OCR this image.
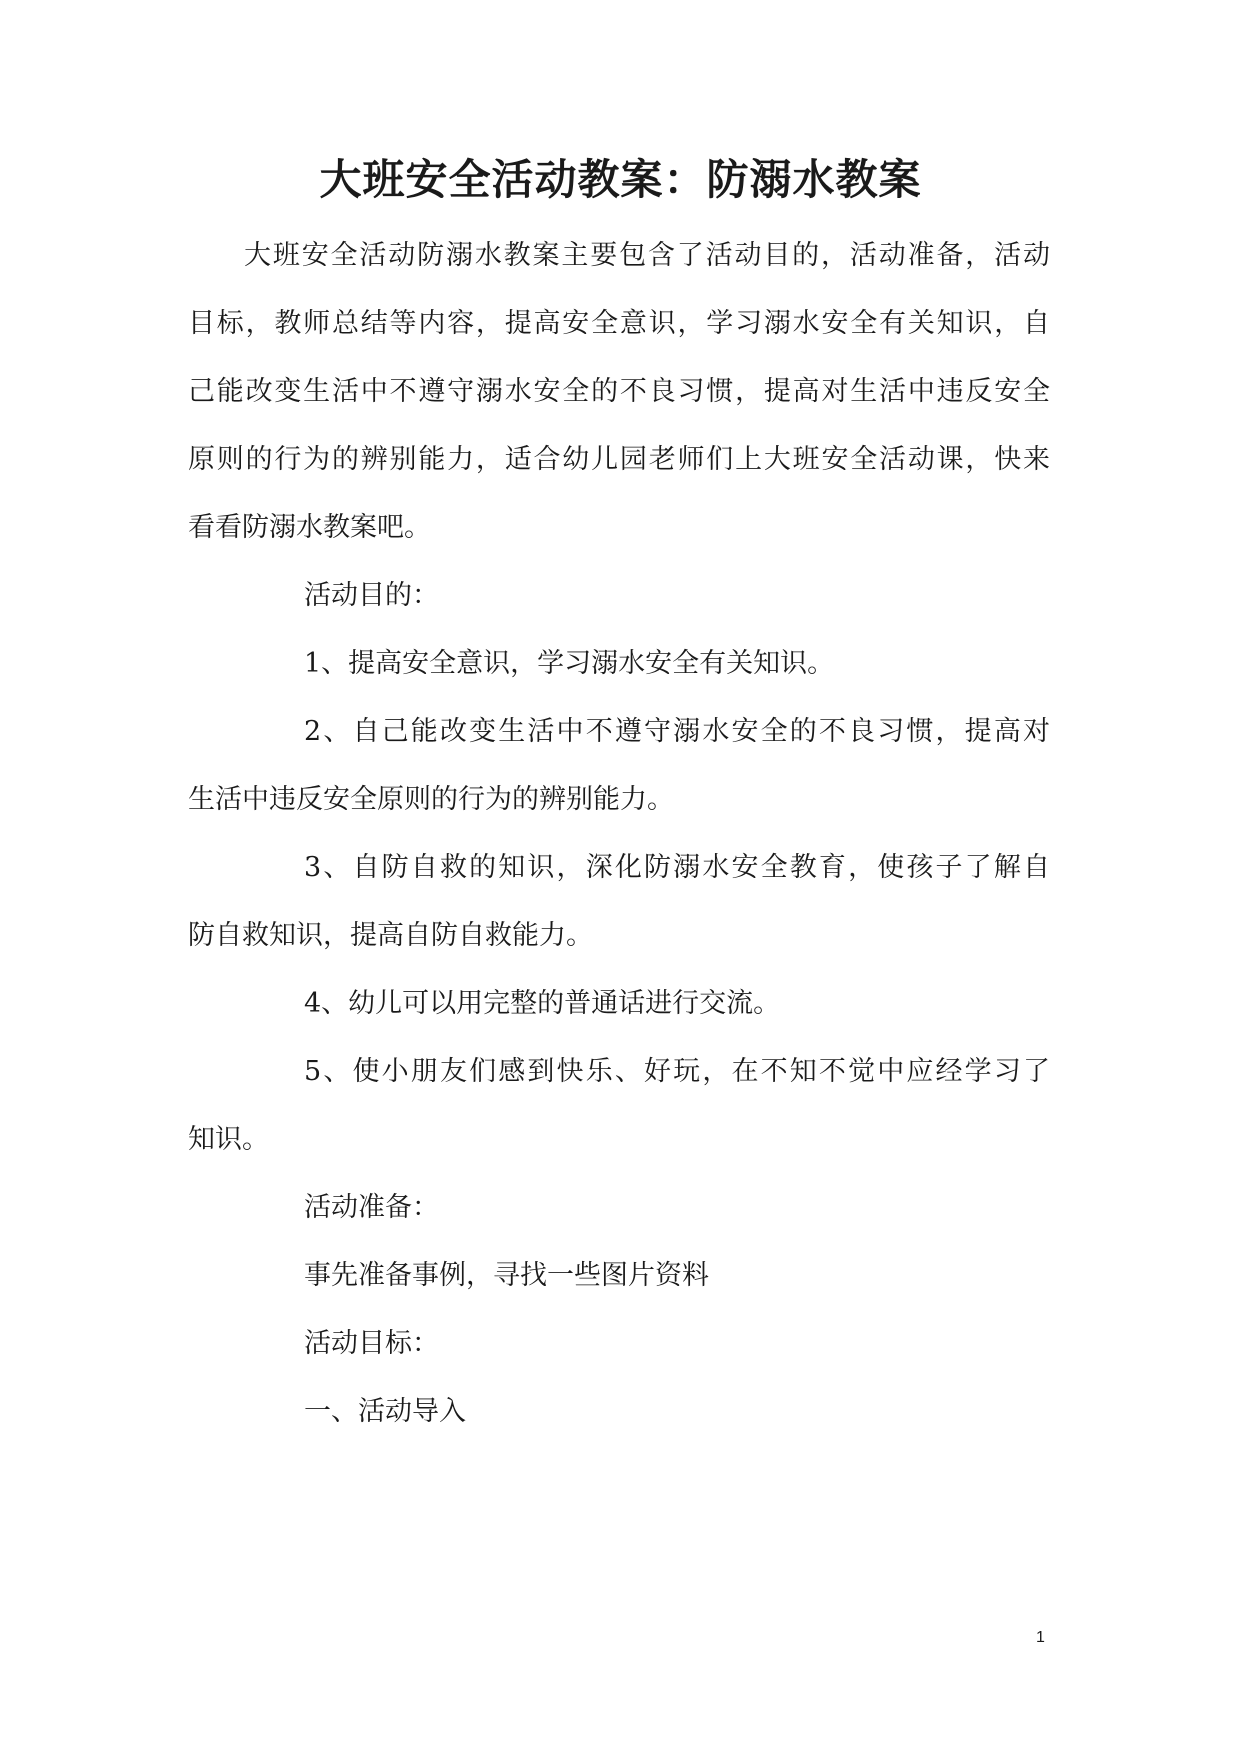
大班安全活动教案：防溺水教案
大班安全活动防溺水教案主要包含了活动目的，活动准备，活动
目标，教师总结等内容，提高安全意识，学习溺水安全有关知识，自
己能改变生活中不遵守溺水安全的不良习惯，提高对生活中违反安全
原则的行为的辨别能力，适合幼儿园老师们上大班安全活动课，快来
看看防溺水教案吧。
活动目的：
1、提高安全意识，学习溺水安全有关知识。
2、自己能改变生活中不遵守溺水安全的不良习惯，提高对
生活中违反安全原则的行为的辨别能力。
3、自防自救的知识，深化防溺水安全教育，使孩子了解自
防自救知识，提高自防自救能力。
4、幼儿可以用完整的普通话进行交流。
5、使小朋友们感到快乐、好玩，在不知不觉中应经学习了
知识。
活动准备：
事先准备事例，寻找一些图片资料
活动目标：
一、活动导入
1
